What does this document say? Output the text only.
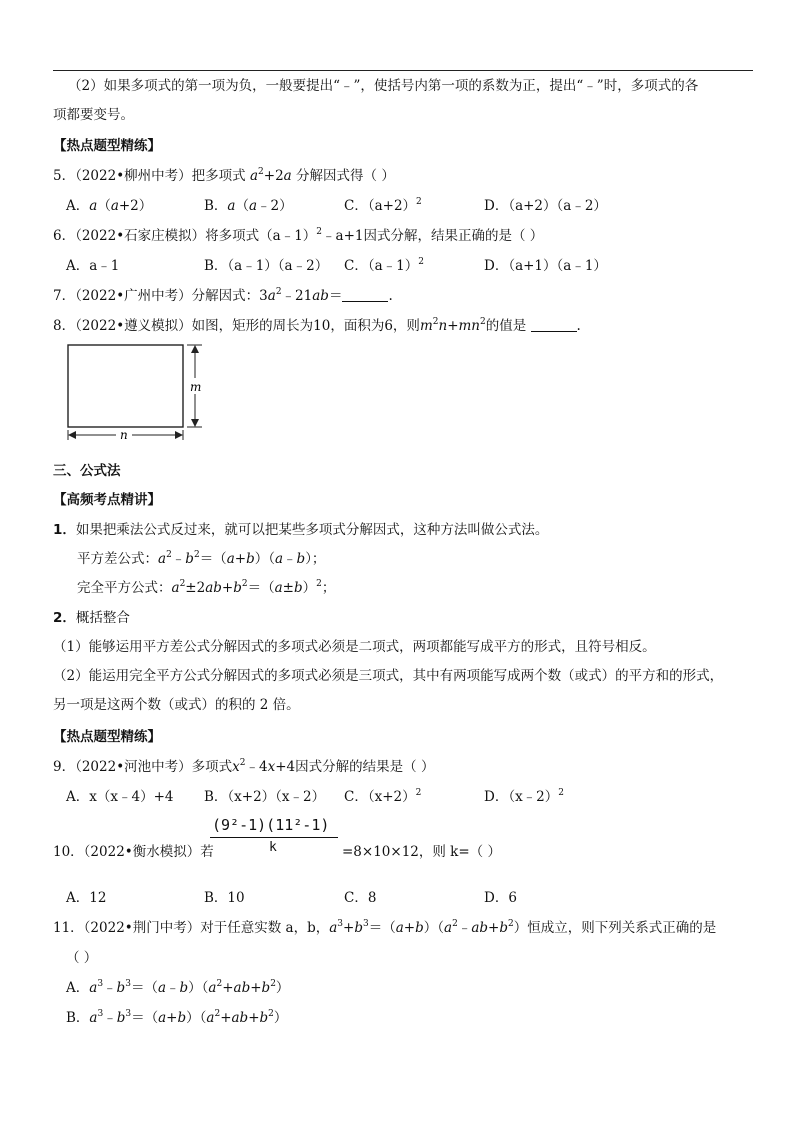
（2）如果多项式的第一项为负，一般要提出“﹣”，使括号内第一项的系数为正，提出“﹣”时，多项式的各
项都要变号。
【热点题型精练】
5．（2022•柳州中考）把多项式 $a^2+2a$ 分解因式得（ ）
A．a（a+2）	B．a（a﹣2）	C．$(a+2)^2$	D．（a+2）（a﹣2）
6．（2022•石家庄模拟）将多项式（a﹣1）$^2$﹣a+1因式分解，结果正确的是（ ）
A．a﹣1	B．（a﹣1）（a﹣2） C．（a﹣1）$^2$	D．（a+1）（a﹣1）
7．（2022•广州中考）分解因式：$3a^2﹣21ab=$	.
8．（2022•遵义模拟）如图，矩形的周长为10，面积为6，则$m^2n+mn^2$的值是	.
m
n
三、公式法
【高频考点精讲】
1．如果把乘法公式反过来，就可以把某些多项式分解因式，这种方法叫做公式法。
平方差公式：$a^2﹣b^2=(a+b)(a﹣b)$；
完全平方公式：$a^2\pm 2ab+b^2=(a\pm b)^2$；
2．概括整合
（1）能够运用平方差公式分解因式的多项式必须是二项式，两项都能写成平方的形式，且符号相反。
（2）能运用完全平方公式分解因式的多项式必须是三项式，其中有两项能写成两个数（或式）的平方和的形式，
另一项是这两个数（或式）的积的 2 倍。
【热点题型精练】
9．（2022•河池中考）多项式$x^2﹣4x+4$因式分解的结果是（ ）
A．x（x﹣4）+4 B．（x+2）（x﹣2） C．$(x+2)^2$	D．（x﹣2）$^2$
10．（2022•衡水模拟）若
(9²-1)(11²-1)
k	=8×10×12，则 k=（ ）
A．12	B．10	C．8	D．6
11．（2022•荆门中考）对于任意实数 a，b，$a^3+b^3=(a+b)(a^2﹣ab+b^2)$恒成立，则下列关系式正确的是
（ ）
A．$a^3﹣b^3=(a﹣b)(a^2+ab+b^2)$
B．$a^3﹣b^3=(a+b)(a^2+ab+b^2)$
